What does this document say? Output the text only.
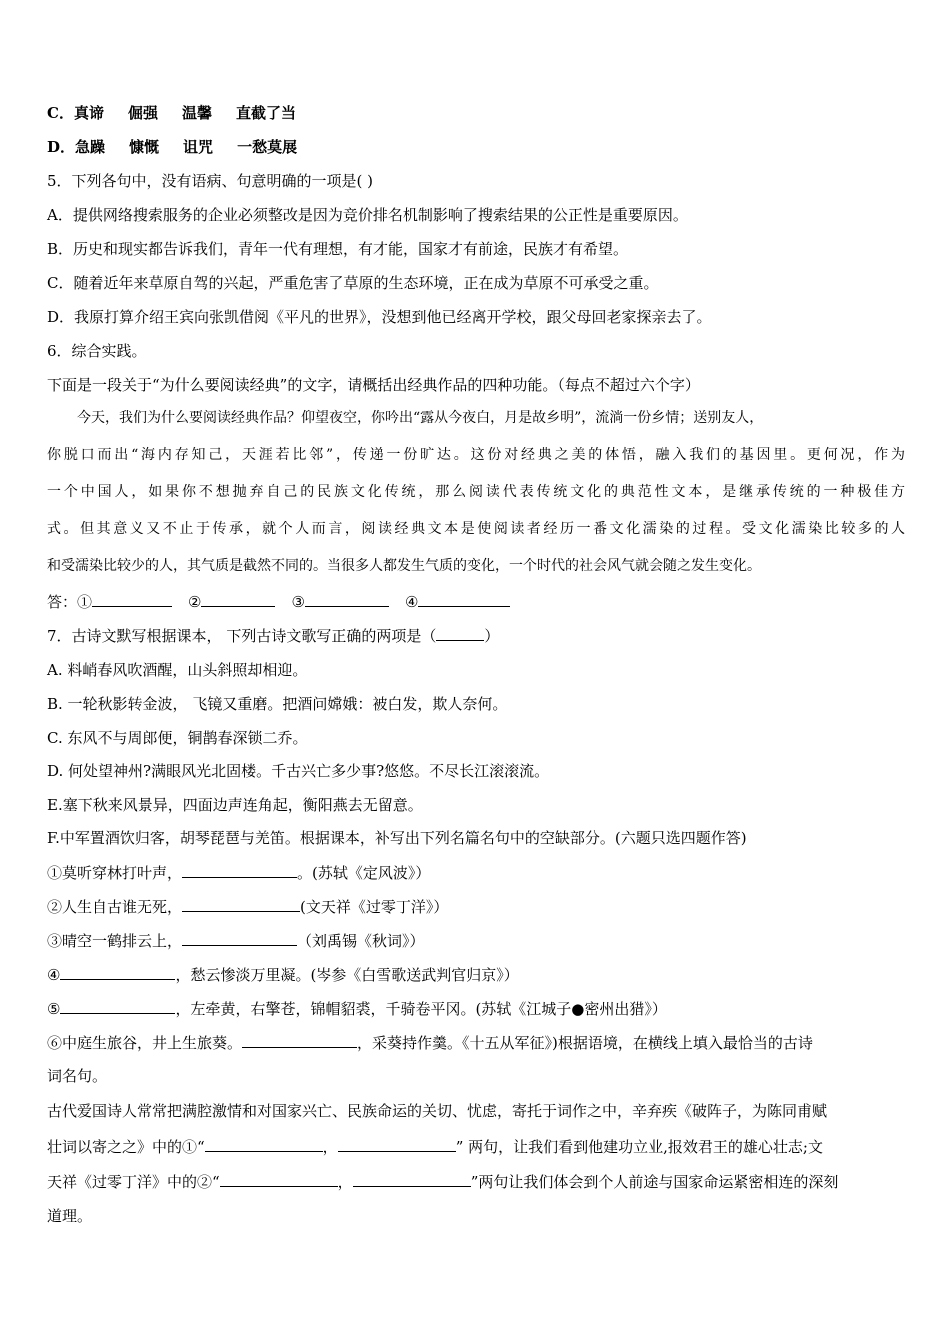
C．真谛 倔强 温馨 直截了当
D．急躁 慷慨 诅咒 一愁莫展
5．下列各句中，没有语病、句意明确的一项是( )
A．提供网络搜索服务的企业必须整改是因为竞价排名机制影响了搜索结果的公正性是重要原因。
B．历史和现实都告诉我们，青年一代有理想，有才能，国家才有前途，民族才有希望。
C．随着近年来草原自驾的兴起，严重危害了草原的生态环境，正在成为草原不可承受之重。
D．我原打算介绍王宾向张凯借阅《平凡的世界》，没想到他已经离开学校，跟父母回老家探亲去了。
6．综合实践。
下面是一段关于“为什么要阅读经典”的文字，请概括出经典作品的四种功能。（每点不超过六个字）
今天，我们为什么要阅读经典作品？仰望夜空，你吟出“露从今夜白，月是故乡明”，流淌一份乡情；送别友人，
你脱口而出“海内存知己，天涯若比邻”，传递一份旷达。这份对经典之美的体悟，融入我们的基因里。更何况，作为
一个中国人，如果你不想抛弃自己的民族文化传统，那么阅读代表传统文化的典范性文本，是继承传统的一种极佳方
式。但其意义又不止于传承，就个人而言，阅读经典文本是使阅读者经历一番文化濡染的过程。受文化濡染比较多的人
和受濡染比较少的人，其气质是截然不同的。当很多人都发生气质的变化，一个时代的社会风气就会随之发生变化。
答：①	②	③	④
7．古诗文默写根据课本， 下列古诗文歌写正确的两项是（	）
A. 料峭春风吹酒醒，山头斜照却相迎。
B. 一轮秋影转金波， 飞镜又重磨。把酒问嫦娥：被白发，欺人奈何。
C. 东风不与周郎便，铜鹊春深锁二乔。
D. 何处望神州?满眼风光北固楼。千古兴亡多少事?悠悠。不尽长江滚滚流。
E.塞下秋来风景异，四面边声连角起，衡阳燕去无留意。
F.中军置酒饮归客，胡琴琵琶与羌笛。根据课本，补写出下列名篇名句中的空缺部分。(六题只选四题作答)
①莫听穿林打叶声，	。(苏轼《定风波》）
②人生自古谁无死，	(文天祥《过零丁洋》）
③晴空一鹤排云上，	（刘禹锡《秋词》）
④	，愁云惨淡万里凝。(岑参《白雪歌送武判官归京》）
⑤	，左牵黄，右擎苍，锦帽貂裘，千骑卷平冈。(苏轼《江城子●密州出猎》）
⑥中庭生旅谷，井上生旅葵。	，采葵持作羹。《十五从军征》)根据语境，在横线上填入最恰当的古诗
词名句。
古代爱国诗人常常把满腔激情和对国家兴亡、民族命运的关切、忧虑，寄托于词作之中，辛弃疾《破阵子，为陈同甫赋
壮词以寄之之》中的①“	，	” 两句，让我们看到他建功立业,报效君王的雄心壮志;文
天祥《过零丁洋》中的②“	，	”两句让我们体会到个人前途与国家命运紧密相连的深刻
道理。
